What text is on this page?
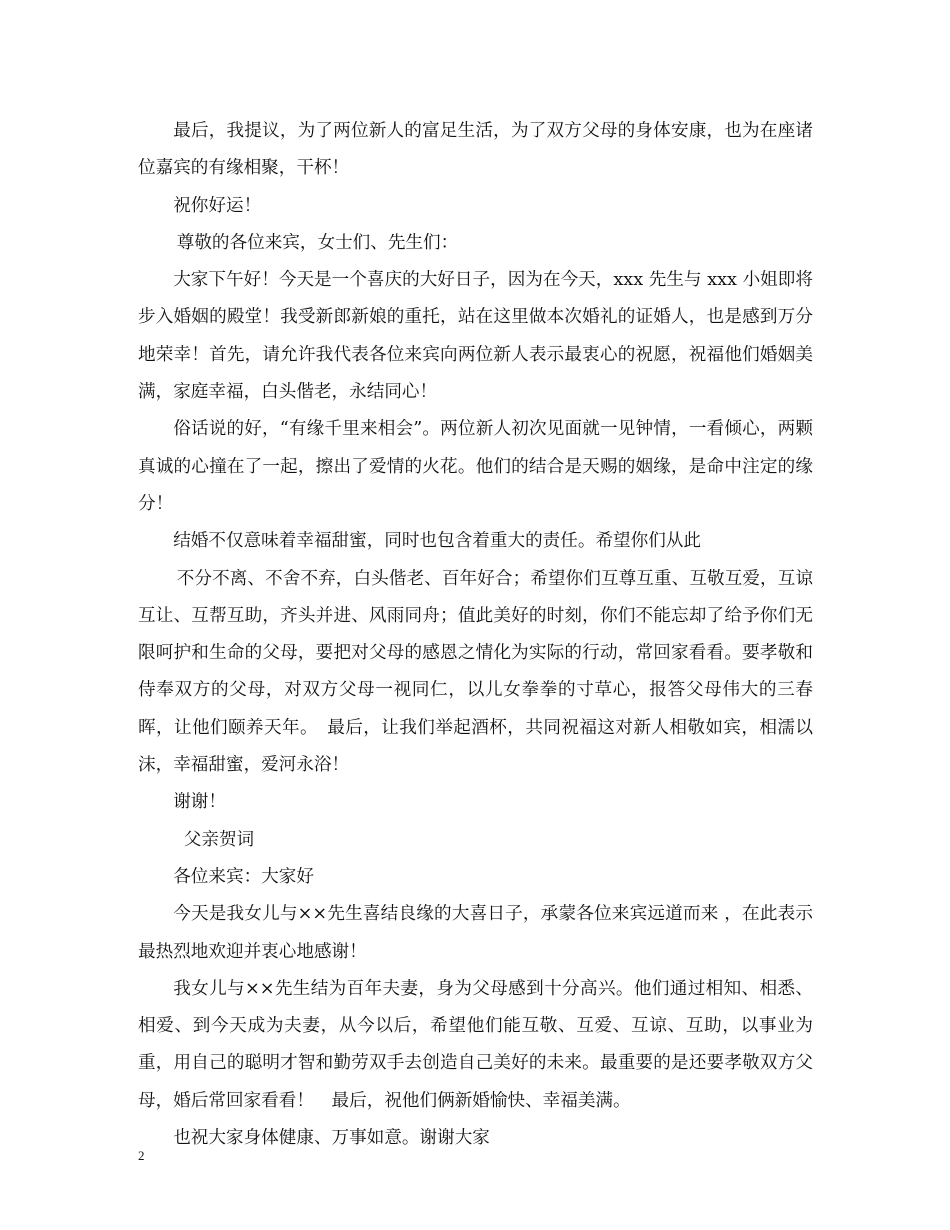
最后，我提议，为了两位新人的富足生活，为了双方父母的身体安康，也为在座诸位嘉宾的有缘相聚，干杯！

祝你好运！

尊敬的各位来宾，女士们、先生们：

大家下午好！今天是一个喜庆的大好日子，因为在今天，xxx 先生与 xxx 小姐即将步入婚姻的殿堂！我受新郎新娘的重托，站在这里做本次婚礼的证婚人，也是感到万分地荣幸！首先，请允许我代表各位来宾向两位新人表示最衷心的祝愿，祝福他们婚姻美满，家庭幸福，白头偕老，永结同心！

俗话说的好，“有缘千里来相会”。两位新人初次见面就一见钟情，一看倾心，两颗真诚的心撞在了一起，擦出了爱情的火花。他们的结合是天赐的姻缘，是命中注定的缘分！

结婚不仅意味着幸福甜蜜，同时也包含着重大的责任。希望你们从此

不分不离、不舍不弃，白头偕老、百年好合；希望你们互尊互重、互敬互爱，互谅互让、互帮互助，齐头并进、风雨同舟；值此美好的时刻，你们不能忘却了给予你们无限呵护和生命的父母，要把对父母的感恩之情化为实际的行动，常回家看看。要孝敬和侍奉双方的父母，对双方父母一视同仁，以儿女拳拳的寸草心，报答父母伟大的三春晖，让他们颐养天年。　最后，让我们举起酒杯，共同祝福这对新人相敬如宾，相濡以沫，幸福甜蜜，爱河永浴！

谢谢！

父亲贺词

各位来宾：大家好

今天是我女儿与××先生喜结良缘的大喜日子，承蒙各位来宾远道而来 ，在此表示最热烈地欢迎并衷心地感谢！

我女儿与××先生结为百年夫妻，身为父母感到十分高兴。他们通过相知、相悉、相爱、到今天成为夫妻，从今以后，希望他们能互敬、互爱、互谅、互助，以事业为重，用自己的聪明才智和勤劳双手去创造自己美好的未来。最重要的是还要孝敬双方父母，婚后常回家看看！　最后，祝他们俩新婚愉快、幸福美满。

也祝大家身体健康、万事如意。谢谢大家

2
